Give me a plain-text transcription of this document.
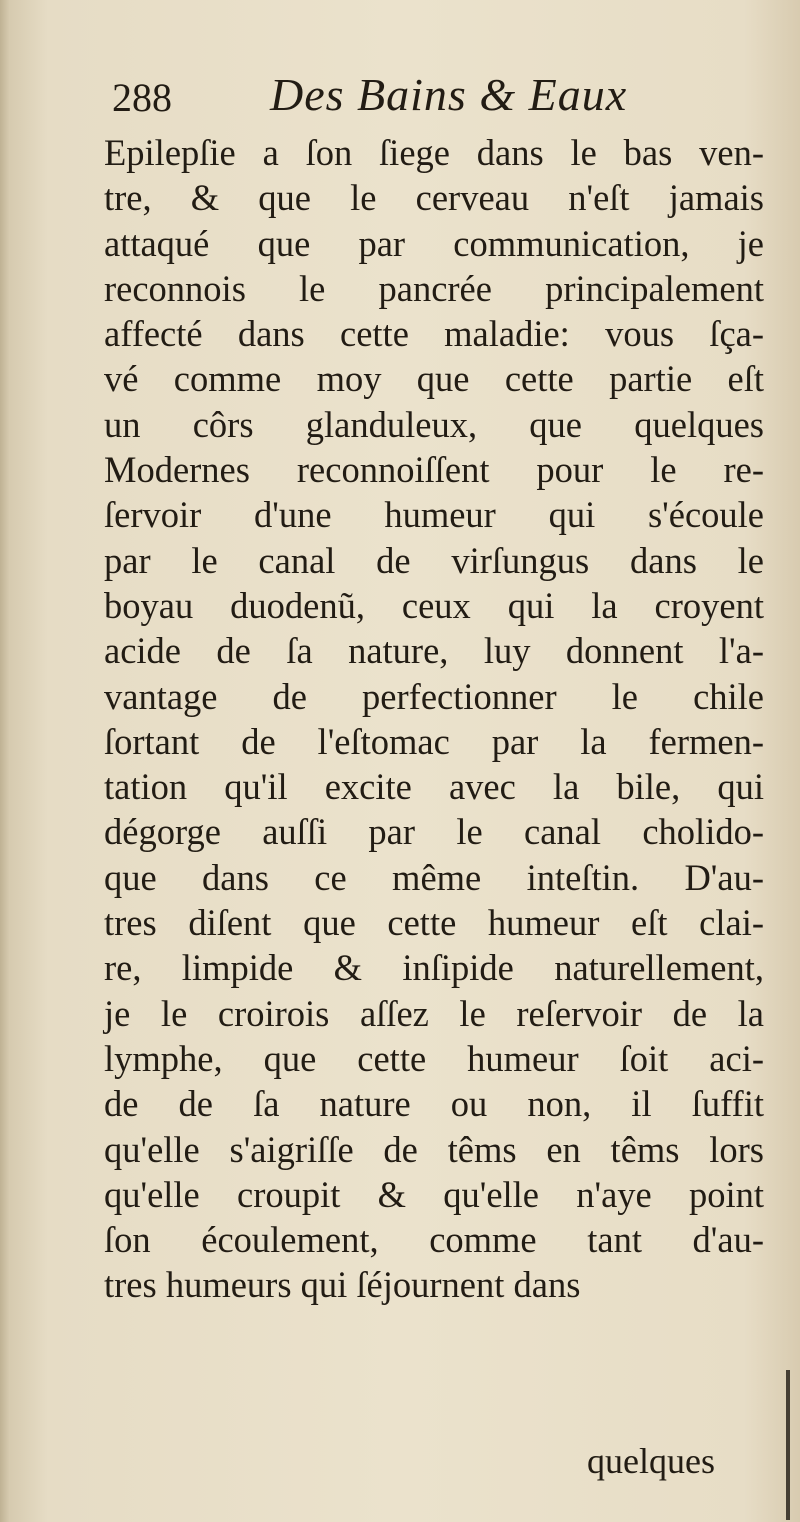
288 Des Bains & Eaux
Epilepſie a ſon ſiege dans le bas ven-
tre, & que le cerveau n'eſt jamais
attaqué que par communication, je
reconnois le pancrée principalement
affecté dans cette maladie: vous ſça-
vé comme moy que cette partie eſt
un côrs glanduleux, que quelques
Modernes reconnoiſſent pour le re-
ſervoir d'une humeur qui s'écoule
par le canal de virſungus dans le
boyau duodenũ, ceux qui la croyent
acide de ſa nature, luy donnent l'a-
vantage de perfectionner le chile
ſortant de l'eſtomac par la fermen-
tation qu'il excite avec la bile, qui
dégorge auſſi par le canal cholido-
que dans ce même inteſtin. D'au-
tres diſent que cette humeur eſt clai-
re, limpide & inſipide naturellement,
je le croirois aſſez le reſervoir de la
lymphe, que cette humeur ſoit aci-
de de ſa nature ou non, il ſuffit
qu'elle s'aigriſſe de têms en têms lors
qu'elle croupit & qu'elle n'aye point
ſon écoulement, comme tant d'au-
tres humeurs qui ſéjournent dans
quelques
